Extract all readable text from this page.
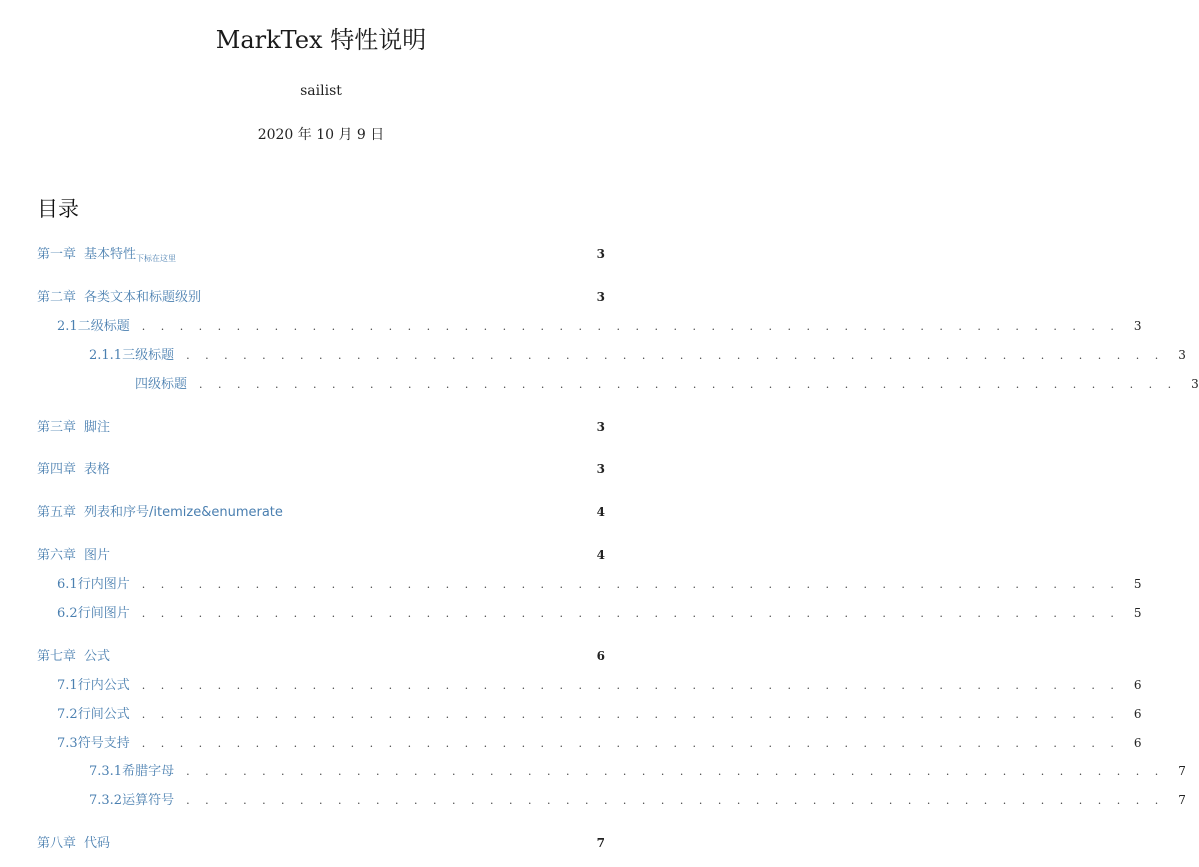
MarkTex 特性说明
sailist
2020 年 10 月 9 日
目录
第一章 基本特性$_{下标在这里}$	3
第二章 各类文本和标题级别	3
2.1 二级标题 . . . . . . . . . . . . . . . . . . . . . . . . . . . . . . . . . . . . . . . . . . . . . . . . . . . .	3
2.1.1 三级标题 . . . . . . . . . . . . . . . . . . . . . . . . . . . . . . . . . . . . . . . . . . . . . . . . . . . .	3
四级标题 . . . . . . . . . . . . . . . . . . . . . . . . . . . . . . . . . . . . . . . . . . . . . . . . . . . .	3
第三章 脚注	3
第四章 表格	3
第五章 列表和序号/itemize&enumerate	4
第六章 图片	4
6.1 行内图片 . . . . . . . . . . . . . . . . . . . . . . . . . . . . . . . . . . . . . . . . . . . . . . . . . . . .	5
6.2 行间图片 . . . . . . . . . . . . . . . . . . . . . . . . . . . . . . . . . . . . . . . . . . . . . . . . . . . .	5
第七章 公式	6
7.1 行内公式 . . . . . . . . . . . . . . . . . . . . . . . . . . . . . . . . . . . . . . . . . . . . . . . . . . . .	6
7.2 行间公式 . . . . . . . . . . . . . . . . . . . . . . . . . . . . . . . . . . . . . . . . . . . . . . . . . . . .	6
7.3 符号支持 . . . . . . . . . . . . . . . . . . . . . . . . . . . . . . . . . . . . . . . . . . . . . . . . . . . .	6
7.3.1 希腊字母 . . . . . . . . . . . . . . . . . . . . . . . . . . . . . . . . . . . . . . . . . . . . . . . . . . . .	7
7.3.2 运算符号 . . . . . . . . . . . . . . . . . . . . . . . . . . . . . . . . . . . . . . . . . . . . . . . . . . . .	7
第八章 代码	7
